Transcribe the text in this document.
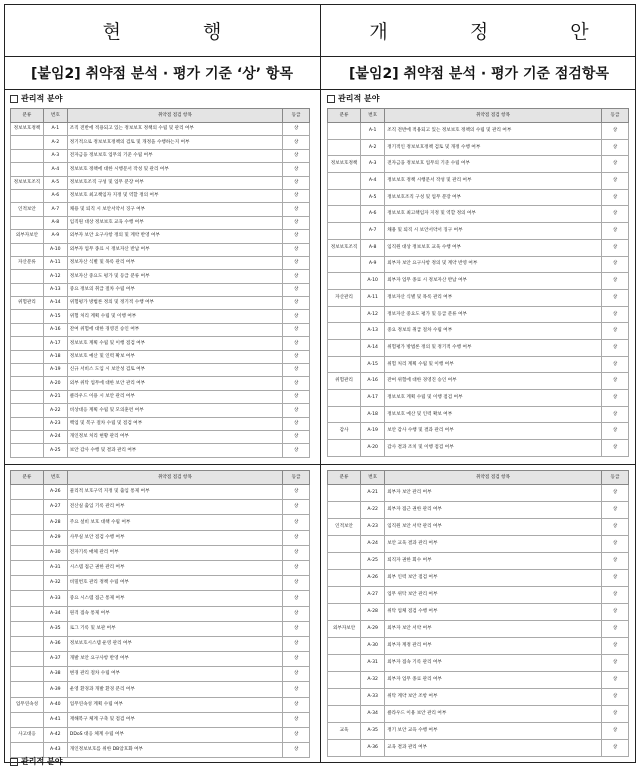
현 행	개 정 안
[붙임2] 취약점 분석 · 평가 기준 ‘상’ 항목	[붙임2] 취약점 분석 · 평가 기준 점검항목
관리적 분야	관리적 분야
분류	번호	취약점 점검 항목	등급
정보보호정책	A-1	조직 전반에 적용되고 있는 정보보호 정책의 수립 및 관리 여부	상
	A-2	정기적으로 정보보호정책의 검토 및 개정을 수행하는지 여부	상
	A-3	전자금융 정보보호 업무의 기준 수립 여부	상
	A-4	정보보호 정책에 대한 시행문서 작성 및 관리 여부	상
정보보호조직	A-5	정보보호조직 구성 및 업무 분장 여부	상
	A-6	정보보호 최고책임자 지정 및 역할 정의 여부	상
인적보안	A-7	채용 및 퇴직 시 보안서약서 징구 여부	상
	A-8	임직원 대상 정보보호 교육 수행 여부	상
외부자보안	A-9	외부자 보안 요구사항 정의 및 계약 반영 여부	상
	A-10	외부자 업무 종료 시 정보자산 반납 여부	상
자산분류	A-11	정보자산 식별 및 목록 관리 여부	상
	A-12	정보자산 중요도 평가 및 등급 분류 여부	상
	A-13	중요 정보의 취급 절차 수립 여부	상
위험관리	A-14	위험평가 방법론 정의 및 정기적 수행 여부	상
	A-15	위험 처리 계획 수립 및 이행 여부	상
	A-16	잔여 위험에 대한 경영진 승인 여부	상
	A-17	정보보호 계획 수립 및 이행 점검 여부	상
	A-18	정보보호 예산 및 인력 확보 여부	상
	A-19	신규 서비스 도입 시 보안성 검토 여부	상
	A-20	외부 위탁 업무에 대한 보안 관리 여부	상
	A-21	클라우드 이용 시 보안 관리 여부	상
	A-22	비상대응 계획 수립 및 모의훈련 여부	상
	A-23	백업 및 복구 절차 수립 및 점검 여부	상
	A-24	개인정보 처리 현황 관리 여부	상
	A-25	보안 감사 수행 및 결과 관리 여부	상
분류	번호	취약점 점검 항목	등급
	A-1	조직 전반에 적용되고 있는 정보보호 정책의 수립 및 관리 여부	상
	A-2	정기적인 정보보호정책 검토 및 개정 수행 여부	상
정보보호정책	A-3	전자금융 정보보호 업무의 기준 수립 여부	상
	A-4	정보보호 정책 시행문서 작성 및 관리 여부	상
	A-5	정보보호조직 구성 및 업무 분장 여부	상
	A-6	정보보호 최고책임자 지정 및 역할 정의 여부	상
	A-7	채용 및 퇴직 시 보안서약서 징구 여부	상
정보보호조직	A-8	임직원 대상 정보보호 교육 수행 여부	상
	A-9	외부자 보안 요구사항 정의 및 계약 반영 여부	상
	A-10	외부자 업무 종료 시 정보자산 반납 여부	상
자산관리	A-11	정보자산 식별 및 목록 관리 여부	상
	A-12	정보자산 중요도 평가 및 등급 분류 여부	상
	A-13	중요 정보의 취급 절차 수립 여부	상
	A-14	위험평가 방법론 정의 및 정기적 수행 여부	상
	A-15	위험 처리 계획 수립 및 이행 여부	상
위험관리	A-16	잔여 위험에 대한 경영진 승인 여부	상
	A-17	정보보호 계획 수립 및 이행 점검 여부	상
	A-18	정보보호 예산 및 인력 확보 여부	상
감사	A-19	보안 감사 수행 및 결과 관리 여부	상
	A-20	감사 결과 조치 및 이행 점검 여부	상
분류	번호	취약점 점검 항목	등급
	A-26	물리적 보호구역 지정 및 출입 통제 여부	상
	A-27	전산실 출입 기록 관리 여부	상
	A-28	주요 설비 보호 대책 수립 여부	상
	A-29	사무실 보안 점검 수행 여부	상
	A-30	전자기록 매체 관리 여부	상
	A-31	시스템 접근 권한 관리 여부	상
	A-32	비밀번호 관리 정책 수립 여부	상
	A-33	중요 시스템 접근 통제 여부	상
	A-34	원격 접속 통제 여부	상
	A-35	로그 기록 및 보관 여부	상
	A-36	정보보호시스템 운영 관리 여부	상
	A-37	개발 보안 요구사항 반영 여부	상
	A-38	변경 관리 절차 수립 여부	상
	A-39	운영 환경과 개발 환경 분리 여부	상
업무연속성	A-40	업무연속성 계획 수립 여부	상
	A-41	재해복구 체계 구축 및 점검 여부	상
사고대응	A-42	DDoS 대응 체계 수립 여부	상
	A-43	개인정보보호를 위한 DB암호화 여부	상
분류	번호	취약점 점검 항목	등급
	A-21	외부자 보안 관리 여부	상
	A-22	외부자 접근 권한 관리 여부	상
인적보안	A-23	임직원 보안 서약 관리 여부	상
	A-24	보안 교육 결과 관리 여부	상
	A-25	퇴직자 권한 회수 여부	상
	A-26	외부 인력 보안 점검 여부	상
	A-27	업무 위탁 보안 관리 여부	상
	A-28	위탁 업체 점검 수행 여부	상
외부자보안	A-29	외부자 보안 서약 여부	상
	A-30	외부자 계정 관리 여부	상
	A-31	외부자 접속 기록 관리 여부	상
	A-32	외부자 업무 종료 관리 여부	상
	A-33	위탁 계약 보안 조항 여부	상
	A-34	클라우드 이용 보안 관리 여부	상
교육	A-35	정기 보안 교육 수행 여부	상
	A-36	교육 결과 관리 여부	상
관리적 분야
